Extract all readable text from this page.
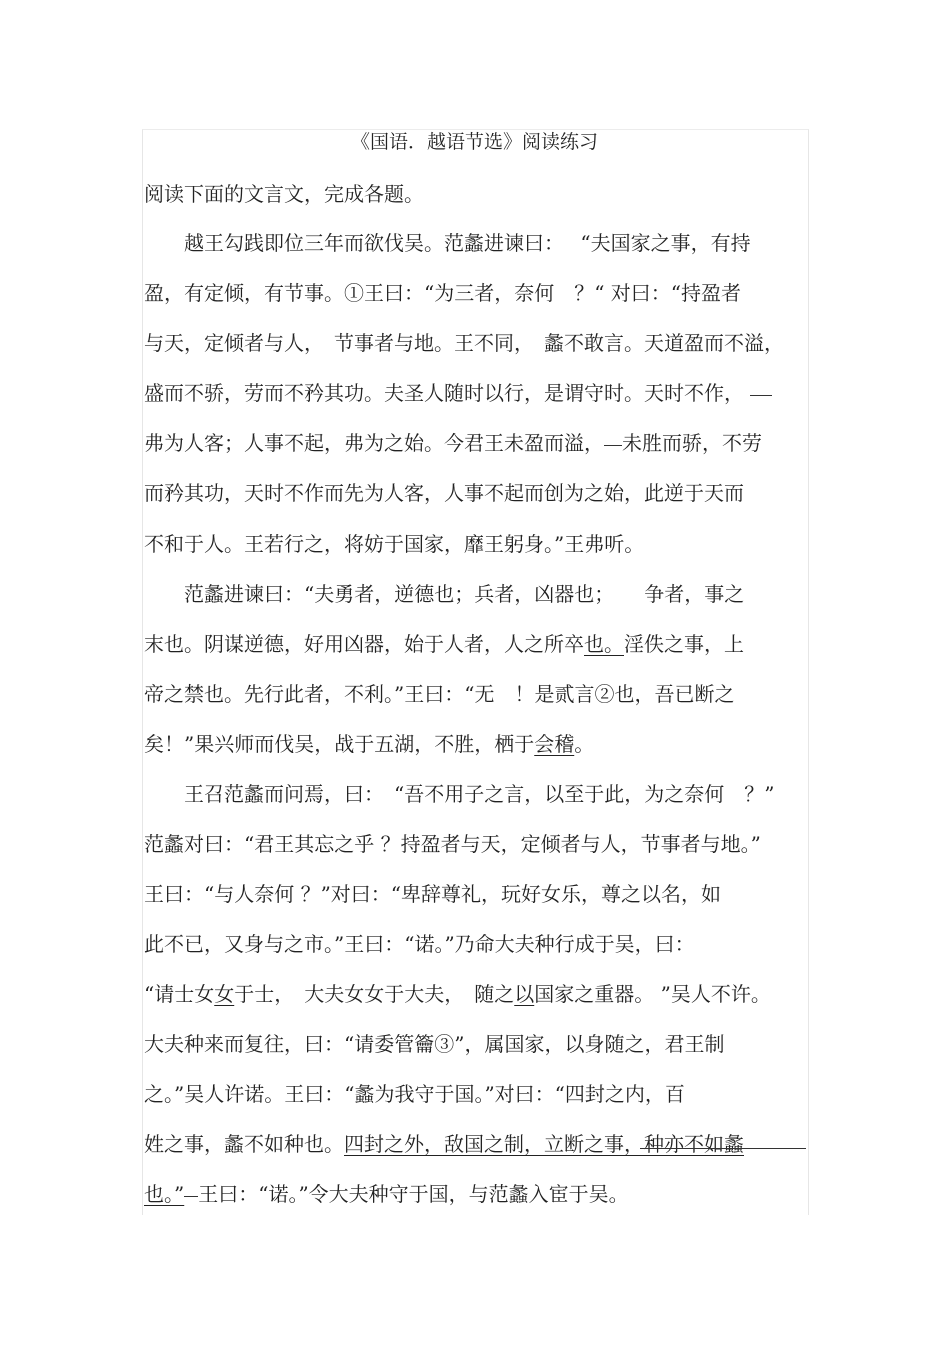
《国语．越语节选》阅读练习
阅读下面的文言文，完成各题。
　　越王勾践即位三年而欲伐吴。范蠡进谏曰：　 “夫国家之事，有持
盈，有定倾，有节事。①王曰：“为三者，奈何　？“ 对曰：“持盈者
与天，定倾者与人，　节事者与地。王不同，　蠡不敢言。天道盈而不溢，
盛而不骄，劳而不矜其功。夫圣人随时以行，是谓守时。天时不作，
弗为人客；人事不起，弗为之始。今君王未盈而溢， 未胜而骄，不劳
而矜其功，天时不作而先为人客，人事不起而创为之始，此逆于天而
不和于人。王若行之，将妨于国家，靡王躬身。”王弗听。
　　范蠡进谏曰：“夫勇者，逆德也；兵者，凶器也；　　争者，事之
末也。阴谋逆德，好用凶器，始于人者，人之所卒也。淫佚之事，上
帝之禁也。先行此者，不利。”王曰：“无　！是贰言②也，吾已断之
矣！”果兴师而伐吴，战于五湖，不胜，栖于会稽。
　　王召范蠡而问焉，曰：　“吾不用子之言，以至于此，为之奈何　？”
范蠡对曰：“君王其忘之乎 ？持盈者与天，定倾者与人，节事者与地。”
王曰：“与人奈何 ？”对曰：“卑辞尊礼，玩好女乐，尊之以名，如
此不已，又身与之市。”王曰：“诺。”乃命大夫种行成于吴，曰：
“请士女女于士，　大夫女女于大夫，　随之以国家之重器。 ”吴人不许。
大夫种来而复往，曰：“请委管籥③”，属国家，以身随之，君王制
之。”吴人许诺。王曰：“蠡为我守于国。”对曰：“四封之内，百
姓之事，蠡不如种也。四封之外，敌国之制，立断之事，种亦不如蠡
也。” 王曰：“诺。”令大夫种守于国，与范蠡入宦于吴。
